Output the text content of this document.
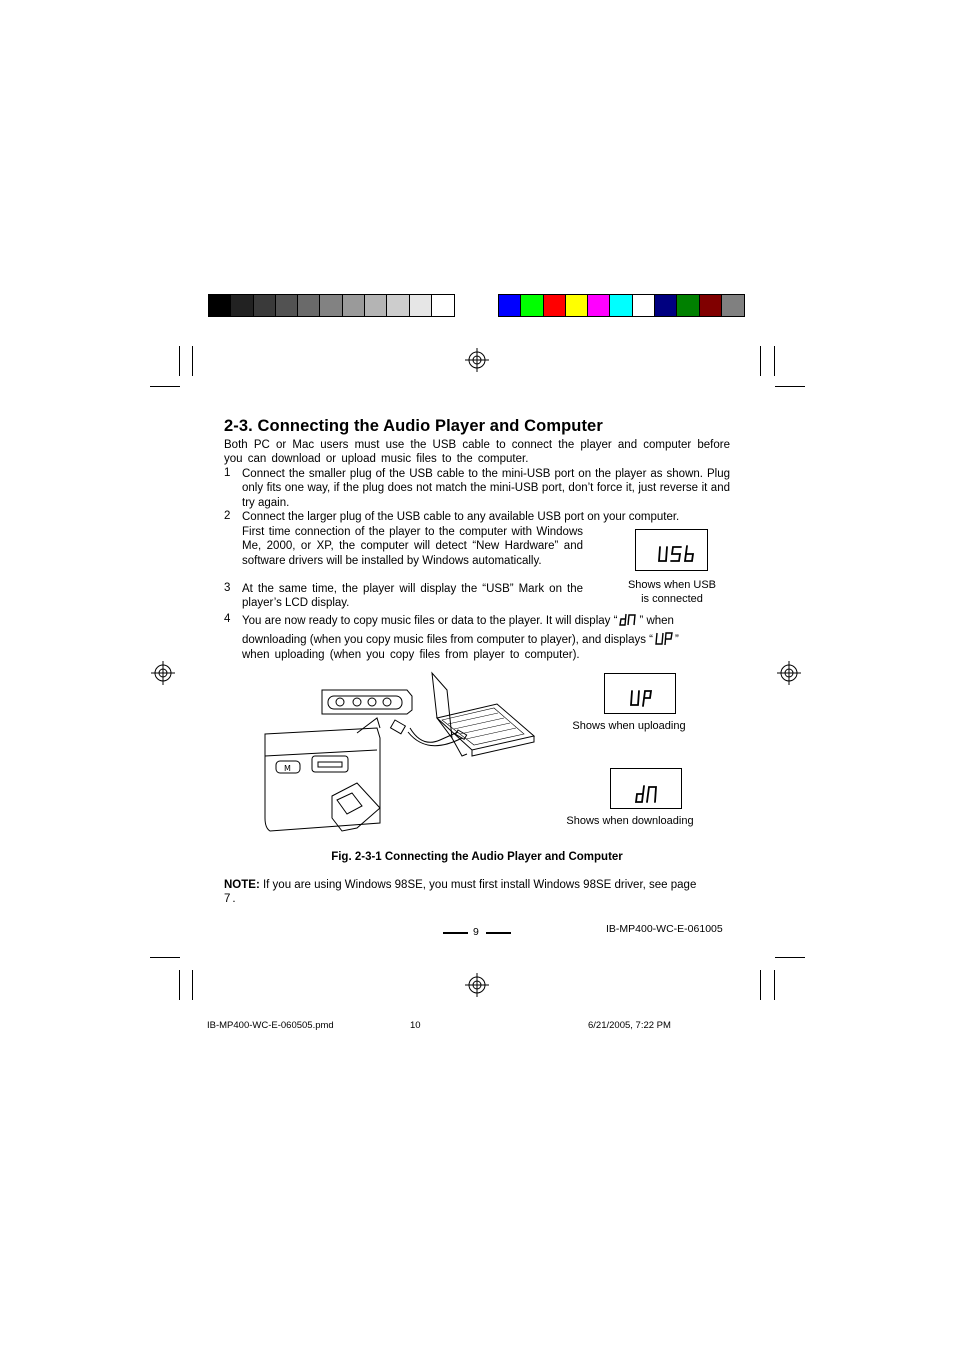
2-3. Connecting the Audio Player and Computer
Both PC or Mac users must use the USB cable to connect the player and computer before you can download or upload music files to the computer.
1 Connect the smaller plug of the USB cable to the mini-USB port on the player as shown. Plug only fits one way, if the plug does not match the mini-USB port, don’t force it, just reverse it and try again.
2 Connect the larger plug of the USB cable to any available USB port on your computer.
First time connection of the player to the computer with Windows Me, 2000, or XP, the computer will detect “New Hardware” and software drivers will be installed by Windows automatically.
3 At the same time, the player will display the “USB” Mark on the player’s LCD display.
Shows when USB
is connected
4 You are now ready to copy music files or data to the player. It will display “ ” when
downloading (when you copy music files from computer to player), and displays “ ”
when uploading (when you copy files from player to computer).
M
Shows when uploading
Shows when downloading
Fig. 2-3-1 Connecting the Audio Player and Computer
NOTE: If you are using Windows 98SE, you must first install Windows 98SE driver, see page
7.
9	IB-MP400-WC-E-061005
IB-MP400-WC-E-060505.pmd	10	6/21/2005, 7:22 PM
